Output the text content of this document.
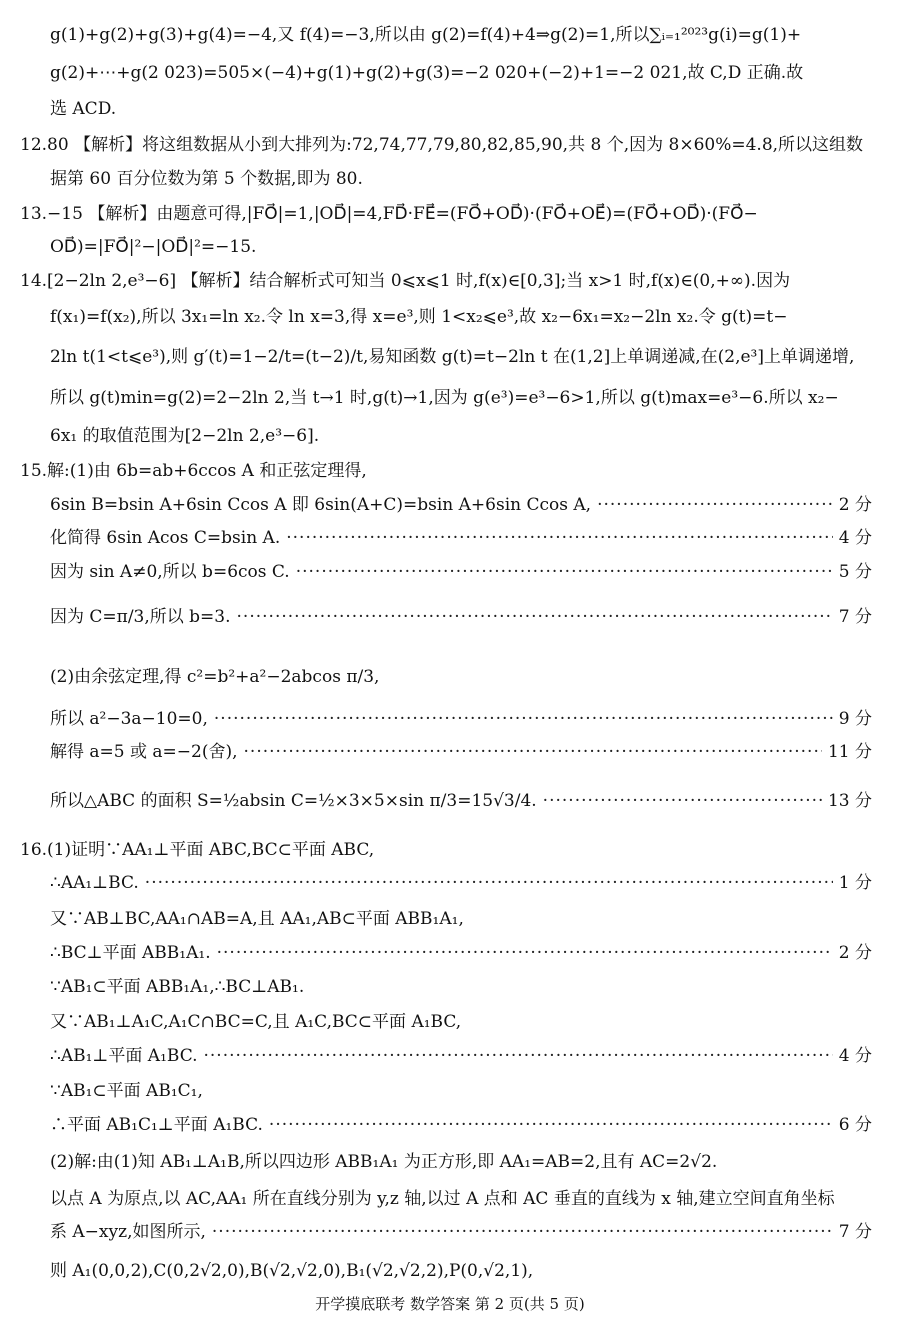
g(1)+g(2)+g(3)+g(4)=−4,又 f(4)=−3,所以由 g(2)=f(4)+4⇒g(2)=1,所以∑ᵢ₌₁²⁰²³g(i)=g(1)+
g(2)+⋯+g(2 023)=505×(−4)+g(1)+g(2)+g(3)=−2 020+(−2)+1=−2 021,故 C,D 正确.故
选 ACD.
12.80 【解析】将这组数据从小到大排列为:72,74,77,79,80,82,85,90,共 8 个,因为 8×60%=4.8,所以这组数
据第 60 百分位数为第 5 个数据,即为 80.
13.−15 【解析】由题意可得,|FO⃗|=1,|OD⃗|=4,FD⃗·FE⃗=(FO⃗+OD⃗)·(FO⃗+OE⃗)=(FO⃗+OD⃗)·(FO⃗−
OD⃗)=|FO⃗|²−|OD⃗|²=−15.
14.[2−2ln 2,e³−6] 【解析】结合解析式可知当 0⩽x⩽1 时,f(x)∈[0,3];当 x>1 时,f(x)∈(0,+∞).因为
f(x₁)=f(x₂),所以 3x₁=ln x₂.令 ln x=3,得 x=e³,则 1<x₂⩽e³,故 x₂−6x₁=x₂−2ln x₂.令 g(t)=t−
2ln t(1<t⩽e³),则 g′(t)=1−2/t=(t−2)/t,易知函数 g(t)=t−2ln t 在(1,2]上单调递减,在(2,e³]上单调递增,
所以 g(t)min=g(2)=2−2ln 2,当 t→1 时,g(t)→1,因为 g(e³)=e³−6>1,所以 g(t)max=e³−6.所以 x₂−
6x₁ 的取值范围为[2−2ln 2,e³−6].
15.解:(1)由 6b=ab+6ccos A 和正弦定理得,
6sin B=bsin A+6sin Ccos A 即 6sin(A+C)=bsin A+6sin Ccos A, ·····	2 分
化简得 6sin Acos C=bsin A. ·····	4 分
因为 sin A≠0,所以 b=6cos C. ·····	5 分
因为 C=π/3,所以 b=3. ·····	7 分
(2)由余弦定理,得 c²=b²+a²−2abcos π/3,
所以 a²−3a−10=0, ·····	9 分
解得 a=5 或 a=−2(舍), ·····	11 分
所以△ABC 的面积 S=½absin C=½×3×5×sin π/3=15√3/4. ·····	13 分
16.(1)证明∵AA₁⊥平面 ABC,BC⊂平面 ABC,
∴AA₁⊥BC. ·····	1 分
又∵AB⊥BC,AA₁∩AB=A,且 AA₁,AB⊂平面 ABB₁A₁,
∴BC⊥平面 ABB₁A₁. ·····	2 分
∵AB₁⊂平面 ABB₁A₁,∴BC⊥AB₁.
又∵AB₁⊥A₁C,A₁C∩BC=C,且 A₁C,BC⊂平面 A₁BC,
∴AB₁⊥平面 A₁BC. ·····	4 分
∵AB₁⊂平面 AB₁C₁,
∴平面 AB₁C₁⊥平面 A₁BC. ·····	6 分
(2)解:由(1)知 AB₁⊥A₁B,所以四边形 ABB₁A₁ 为正方形,即 AA₁=AB=2,且有 AC=2√2.
以点 A 为原点,以 AC,AA₁ 所在直线分别为 y,z 轴,以过 A 点和 AC 垂直的直线为 x 轴,建立空间直角坐标
系 A−xyz,如图所示, ·····	7 分
则 A₁(0,0,2),C(0,2√2,0),B(√2,√2,0),B₁(√2,√2,2),P(0,√2,1),
开学摸底联考 数学答案 第 2 页(共 5 页)
